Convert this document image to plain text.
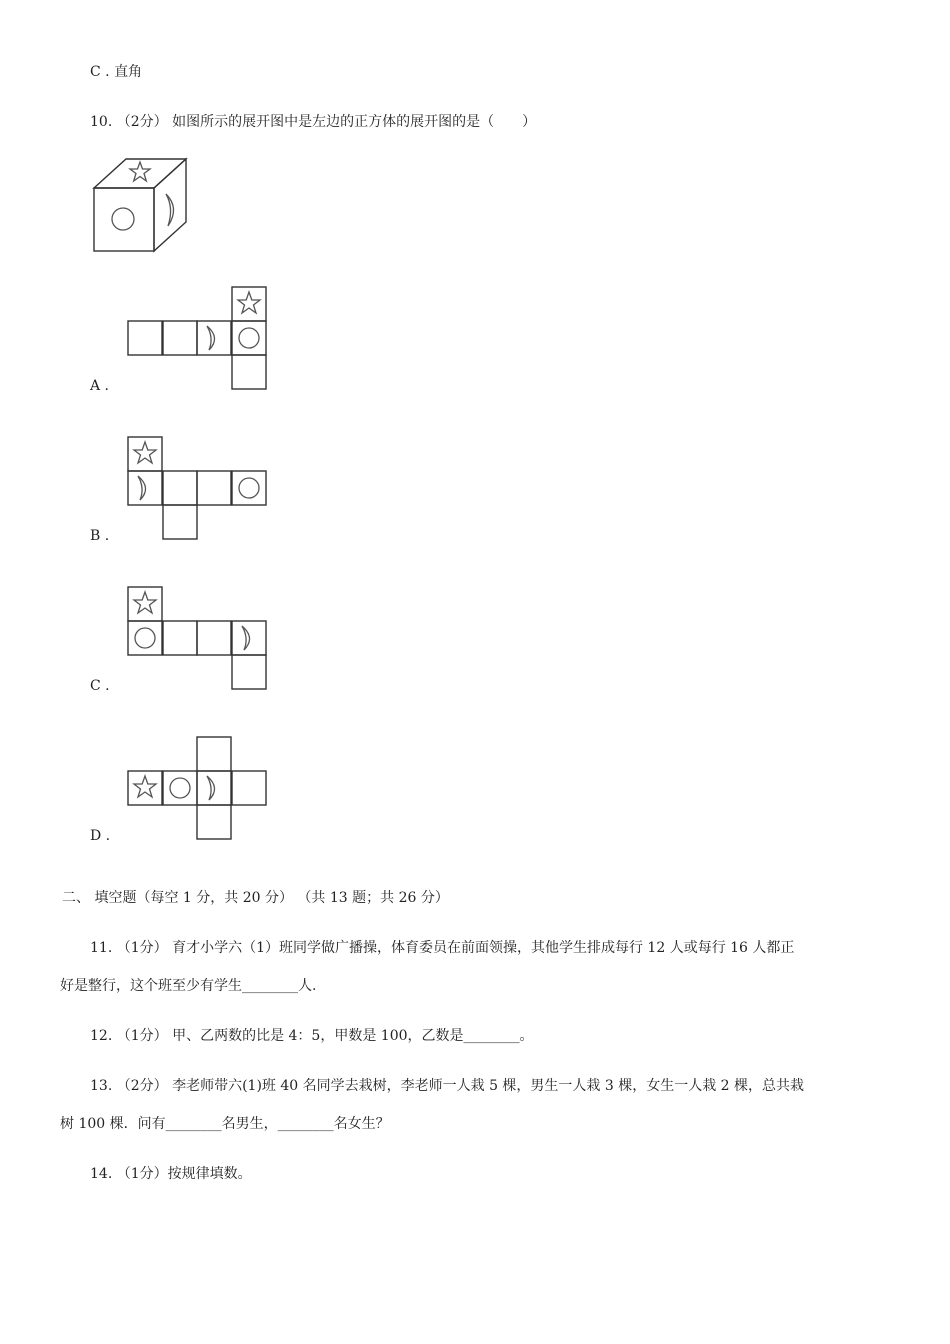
C . 直角
10. （2分） 如图所示的展开图中是左边的正方体的展开图的是（　　）
A .
B .
C .
D .
二、 填空题（每空 1 分，共 20 分） （共 13 题；共 26 分）
11. （1分） 育才小学六（1）班同学做广播操，体育委员在前面领操，其他学生排成每行 12 人或每行 16 人都正
好是整行，这个班至少有学生________人.
12. （1分） 甲、乙两数的比是 4：5，甲数是 100，乙数是________。
13. （2分） 李老师带六(1)班 40 名同学去栽树，李老师一人栽 5 棵，男生一人栽 3 棵，女生一人栽 2 棵，总共栽
树 100 棵．问有________名男生，________名女生？
14. （1分）按规律填数。
